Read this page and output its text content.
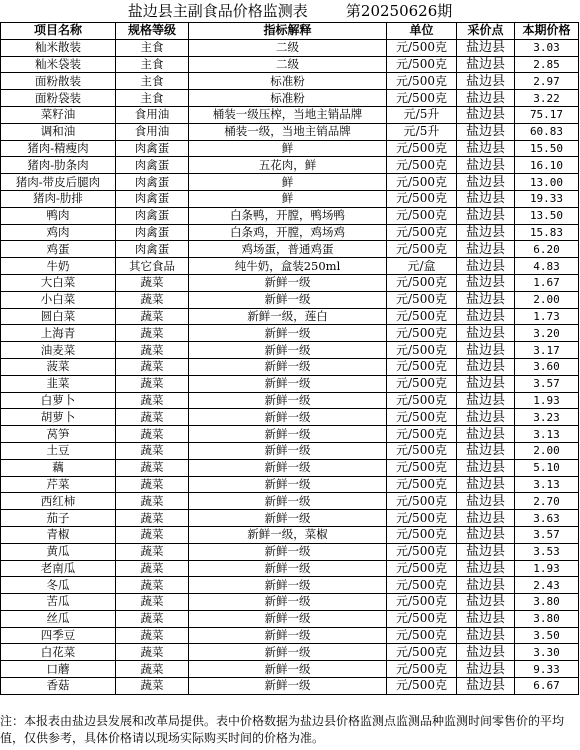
盐边县主副食品价格监测表        第20250626期
项目名称	规格等级	指标解释	单位	采价点	本期价格
籼米散装	主食	二级	元/500克	盐边县	3.03
籼米袋装	主食	二级	元/500克	盐边县	2.85
面粉散装	主食	标准粉	元/500克	盐边县	2.97
面粉袋装	主食	标准粉	元/500克	盐边县	3.22
菜籽油	食用油	桶装一级压榨，当地主销品牌	元/5升	盐边县	75.17
调和油	食用油	桶装一级，当地主销品牌	元/5升	盐边县	60.83
猪肉-精瘦肉	肉禽蛋	鲜	元/500克	盐边县	15.50
猪肉-肋条肉	肉禽蛋	五花肉，鲜	元/500克	盐边县	16.10
猪肉-带皮后腿肉	肉禽蛋	鲜	元/500克	盐边县	13.00
猪肉-肋排	肉禽蛋	鲜	元/500克	盐边县	19.33
鸭肉	肉禽蛋	白条鸭，开膛，鸭场鸭	元/500克	盐边县	13.50
鸡肉	肉禽蛋	白条鸡，开膛，鸡场鸡	元/500克	盐边县	15.83
鸡蛋	肉禽蛋	鸡场蛋，普通鸡蛋	元/500克	盐边县	6.20
牛奶	其它食品	纯牛奶，盒装250ml	元/盒	盐边县	4.83
大白菜	蔬菜	新鲜一级	元/500克	盐边县	1.67
小白菜	蔬菜	新鲜一级	元/500克	盐边县	2.00
圆白菜	蔬菜	新鲜一级，莲白	元/500克	盐边县	1.73
上海青	蔬菜	新鲜一级	元/500克	盐边县	3.20
油麦菜	蔬菜	新鲜一级	元/500克	盐边县	3.17
菠菜	蔬菜	新鲜一级	元/500克	盐边县	3.60
韭菜	蔬菜	新鲜一级	元/500克	盐边县	3.57
白萝卜	蔬菜	新鲜一级	元/500克	盐边县	1.93
胡萝卜	蔬菜	新鲜一级	元/500克	盐边县	3.23
莴笋	蔬菜	新鲜一级	元/500克	盐边县	3.13
土豆	蔬菜	新鲜一级	元/500克	盐边县	2.00
藕	蔬菜	新鲜一级	元/500克	盐边县	5.10
芹菜	蔬菜	新鲜一级	元/500克	盐边县	3.13
西红柿	蔬菜	新鲜一级	元/500克	盐边县	2.70
茄子	蔬菜	新鲜一级	元/500克	盐边县	3.63
青椒	蔬菜	新鲜一级，菜椒	元/500克	盐边县	3.57
黄瓜	蔬菜	新鲜一级	元/500克	盐边县	3.53
老南瓜	蔬菜	新鲜一级	元/500克	盐边县	1.93
冬瓜	蔬菜	新鲜一级	元/500克	盐边县	2.43
苦瓜	蔬菜	新鲜一级	元/500克	盐边县	3.80
丝瓜	蔬菜	新鲜一级	元/500克	盐边县	3.80
四季豆	蔬菜	新鲜一级	元/500克	盐边县	3.50
白花菜	蔬菜	新鲜一级	元/500克	盐边县	3.30
口蘑	蔬菜	新鲜一级	元/500克	盐边县	9.33
香菇	蔬菜	新鲜一级	元/500克	盐边县	6.67
注：本报表由盐边县发展和改革局提供。表中价格数据为盐边县价格监测点监测品种监测时间零售价的平均值，仅供参考，具体价格请以现场实际购买时间的价格为准。
